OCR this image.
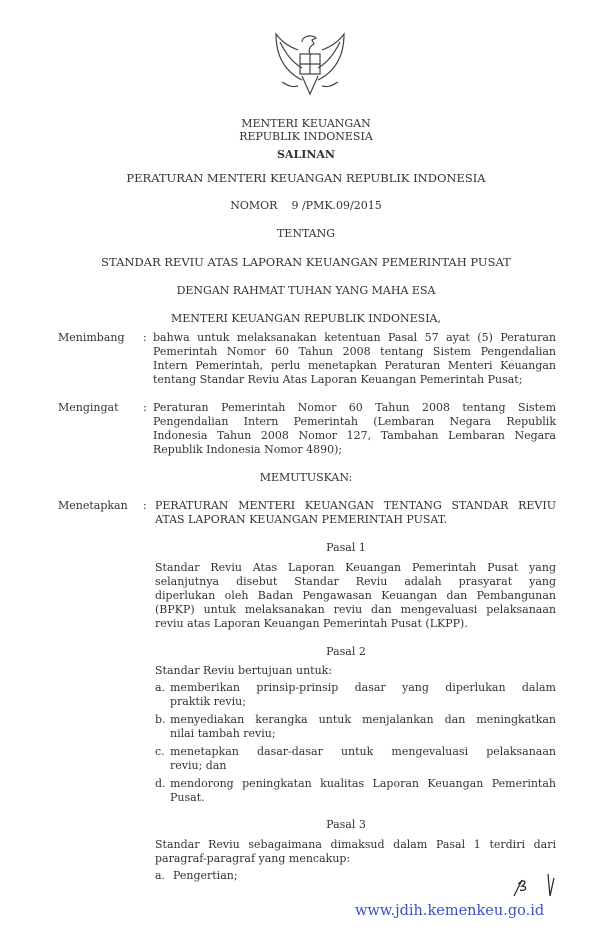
MENTERI KEUANGAN
REPUBLIK INDONESIA
SALINAN
PERATURAN MENTERI KEUANGAN REPUBLIK INDONESIA
NOMOR 9 /PMK.09/2015
TENTANG
STANDAR REVIU ATAS LAPORAN KEUANGAN PEMERINTAH PUSAT
DENGAN RAHMAT TUHAN YANG MAHA ESA
MENTERI KEUANGAN REPUBLIK INDONESIA,
Menimbang : bahwa untuk melaksanakan ketentuan Pasal 57 ayat (5) Peraturan
Pemerintah Nomor 60 Tahun 2008 tentang Sistem Pengendalian
Intern Pemerintah, perlu menetapkan Peraturan Menteri Keuangan
tentang Standar Reviu Atas Laporan Keuangan Pemerintah Pusat;
Mengingat : Peraturan Pemerintah Nomor 60 Tahun 2008 tentang Sistem
Pengendalian Intern Pemerintah (Lembaran Negara Republik
Indonesia Tahun 2008 Nomor 127, Tambahan Lembaran Negara
Republik Indonesia Nomor 4890);
MEMUTUSKAN:
Menetapkan : PERATURAN MENTERI KEUANGAN TENTANG STANDAR REVIU
ATAS LAPORAN KEUANGAN PEMERINTAH PUSAT.
Pasal 1
Standar Reviu Atas Laporan Keuangan Pemerintah Pusat yang
selanjutnya disebut Standar Reviu adalah prasyarat yang
diperlukan oleh Badan Pengawasan Keuangan dan Pembangunan
(BPKP) untuk melaksanakan reviu dan mengevaluasi pelaksanaan
reviu atas Laporan Keuangan Pemerintah Pusat (LKPP).
Pasal 2
Standar Reviu bertujuan untuk:
a. memberikan prinsip-prinsip dasar yang diperlukan dalam
praktik reviu;
b. menyediakan kerangka untuk menjalankan dan meningkatkan
nilai tambah reviu;
c. menetapkan dasar-dasar untuk mengevaluasi pelaksanaan
reviu; dan
d. mendorong peningkatan kualitas Laporan Keuangan Pemerintah
Pusat.
Pasal 3
Standar Reviu sebagaimana dimaksud dalam Pasal 1 terdiri dari
paragraf-paragraf yang mencakup:
a. Pengertian;
www.jdih.kemenkeu.go.id
